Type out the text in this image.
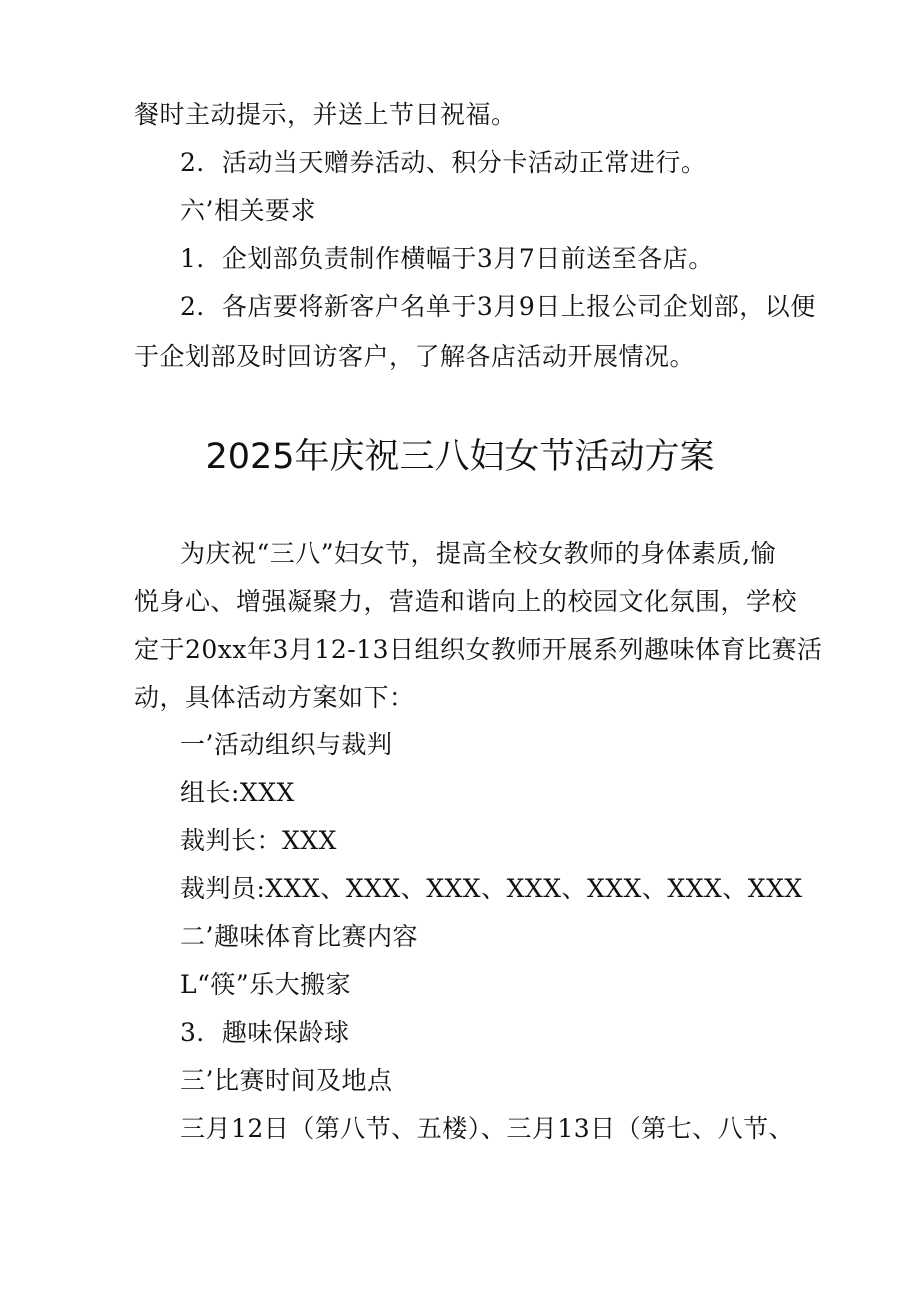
餐时主动提示，并送上节日祝福。
2．活动当天赠券活动、积分卡活动正常进行。
六’相关要求
1．企划部负责制作横幅于3月7日前送至各店。
2．各店要将新客户名单于3月9日上报公司企划部，以便
于企划部及时回访客户，了解各店活动开展情况。
2025年庆祝三八妇女节活动方案
为庆祝“三八”妇女节，提高全校女教师的身体素质,愉
悦身心、增强凝聚力，营造和谐向上的校园文化氛围，学校
定于20xx年3月12-13日组织女教师开展系列趣味体育比赛活
动，具体活动方案如下：
一’活动组织与裁判
组长:XXX
裁判长：XXX
裁判员:XXX、XXX、XXX、XXX、XXX、XXX、XXX
二’趣味体育比赛内容
L“筷”乐大搬家
3．趣味保龄球
三’比赛时间及地点
三月12日（第八节、五楼）、三月13日（第七、八节、
